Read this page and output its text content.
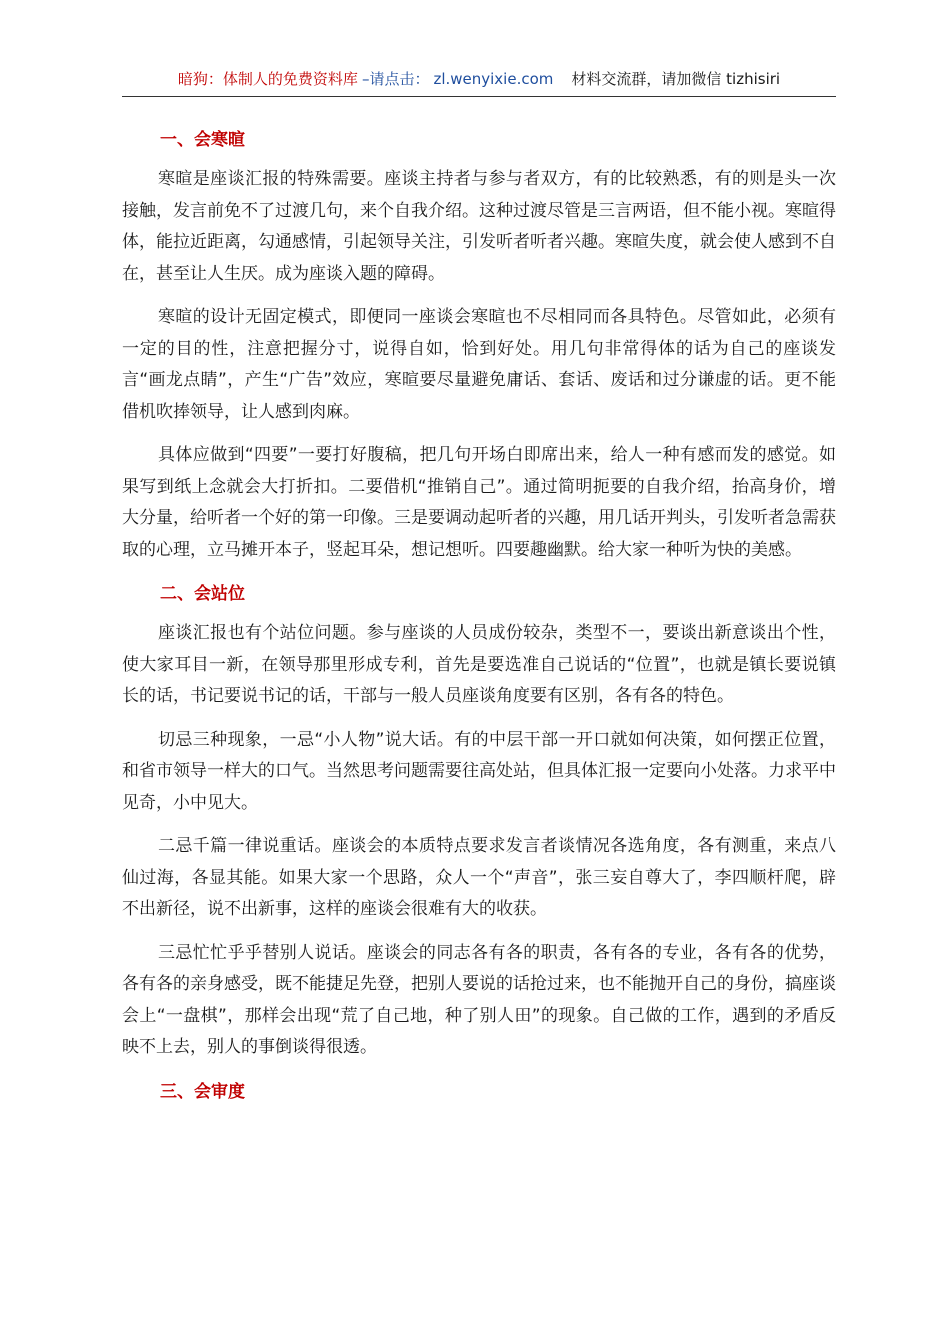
暗狗：体制人的免费资料库 –请点击： zl.wenyixie.com 材料交流群，请加微信 tizhisiri
一、会寒暄

寒暄是座谈汇报的特殊需要。座谈主持者与参与者双方，有的比较熟悉，有的则是头一次接触，发言前免不了过渡几句，来个自我介绍。这种过渡尽管是三言两语，但不能小视。寒暄得体，能拉近距离，勾通感情，引起领导关注，引发听者听者兴趣。寒暄失度，就会使人感到不自在，甚至让人生厌。成为座谈入题的障碍。

寒暄的设计无固定模式，即便同一座谈会寒暄也不尽相同而各具特色。尽管如此，必须有一定的目的性，注意把握分寸，说得自如，恰到好处。用几句非常得体的话为自己的座谈发言“画龙点睛”，产生“广告”效应，寒暄要尽量避免庸话、套话、废话和过分谦虚的话。更不能借机吹捧领导，让人感到肉麻。

具体应做到“四要”一要打好腹稿，把几句开场白即席出来，给人一种有感而发的感觉。如果写到纸上念就会大打折扣。二要借机“推销自己”。通过简明扼要的自我介绍，抬高身价，增大分量，给听者一个好的第一印像。三是要调动起听者的兴趣，用几话开判头，引发听者急需获取的心理，立马摊开本子，竖起耳朵，想记想听。四要趣幽默。给大家一种听为快的美感。

二、会站位

座谈汇报也有个站位问题。参与座谈的人员成份较杂，类型不一，要谈出新意谈出个性，使大家耳目一新，在领导那里形成专利，首先是要选准自己说话的“位置”，也就是镇长要说镇长的话，书记要说书记的话，干部与一般人员座谈角度要有区别，各有各的特色。

切忌三种现象，一忌“小人物”说大话。有的中层干部一开口就如何决策，如何摆正位置，和省市领导一样大的口气。当然思考问题需要往高处站，但具体汇报一定要向小处落。力求平中见奇，小中见大。

二忌千篇一律说重话。座谈会的本质特点要求发言者谈情况各选角度，各有测重，来点八仙过海，各显其能。如果大家一个思路，众人一个“声音”，张三妄自尊大了，李四顺杆爬，辟不出新径，说不出新事，这样的座谈会很难有大的收获。

三忌忙忙乎乎替别人说话。座谈会的同志各有各的职责，各有各的专业，各有各的优势，各有各的亲身感受，既不能捷足先登，把别人要说的话抢过来，也不能抛开自己的身份，搞座谈会上“一盘棋”，那样会出现“荒了自己地，种了别人田”的现象。自己做的工作，遇到的矛盾反映不上去，别人的事倒谈得很透。

三、会审度
